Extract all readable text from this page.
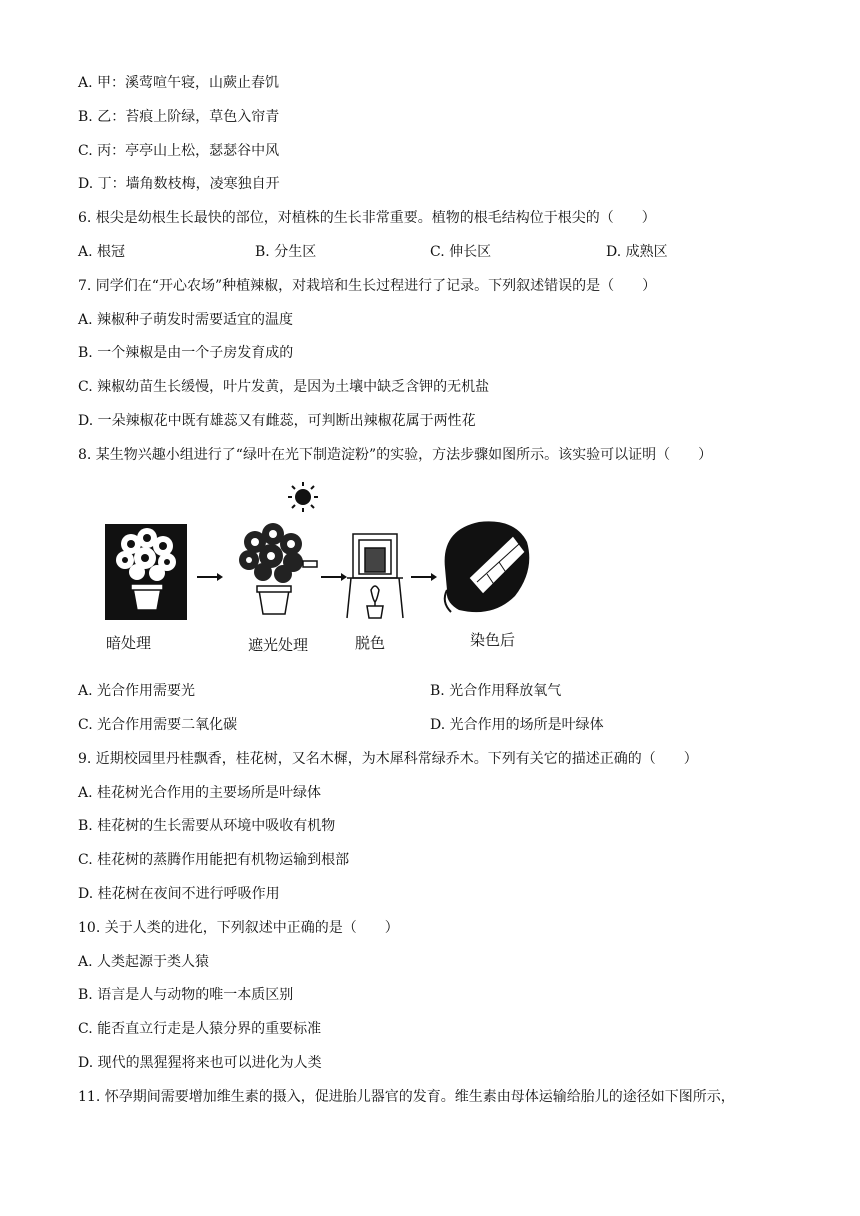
A. 甲：溪莺喧午寝，山蕨止春饥
B. 乙：苔痕上阶绿，草色入帘青
C. 丙：亭亭山上松，瑟瑟谷中风
D. 丁：墙角数枝梅，凌寒独自开
6. 根尖是幼根生长最快的部位，对植株的生长非常重要。植物的根毛结构位于根尖的（　　）
A. 根冠	B. 分生区	C. 伸长区	D. 成熟区
7. 同学们在“开心农场”种植辣椒，对栽培和生长过程进行了记录。下列叙述错误的是（　　）
A. 辣椒种子萌发时需要适宜的温度
B. 一个辣椒是由一个子房发育成的
C. 辣椒幼苗生长缓慢，叶片发黄，是因为土壤中缺乏含钾的无机盐
D. 一朵辣椒花中既有雄蕊又有雌蕊，可判断出辣椒花属于两性花
8. 某生物兴趣小组进行了“绿叶在光下制造淀粉”的实验，方法步骤如图所示。该实验可以证明（　　）
暗处理	遮光处理	脱色	染色后
A. 光合作用需要光	B. 光合作用释放氧气
C. 光合作用需要二氧化碳	D. 光合作用的场所是叶绿体
9. 近期校园里丹桂飘香，桂花树，又名木樨，为木犀科常绿乔木。下列有关它的描述正确的（　　）
A. 桂花树光合作用的主要场所是叶绿体
B. 桂花树的生长需要从环境中吸收有机物
C. 桂花树的蒸腾作用能把有机物运输到根部
D. 桂花树在夜间不进行呼吸作用
10. 关于人类的进化，下列叙述中正确的是（　　）
A. 人类起源于类人猿
B. 语言是人与动物的唯一本质区别
C. 能否直立行走是人猿分界的重要标准
D. 现代的黑猩猩将来也可以进化为人类
11. 怀孕期间需要增加维生素的摄入，促进胎儿器官的发育。维生素由母体运输给胎儿的途径如下图所示，
